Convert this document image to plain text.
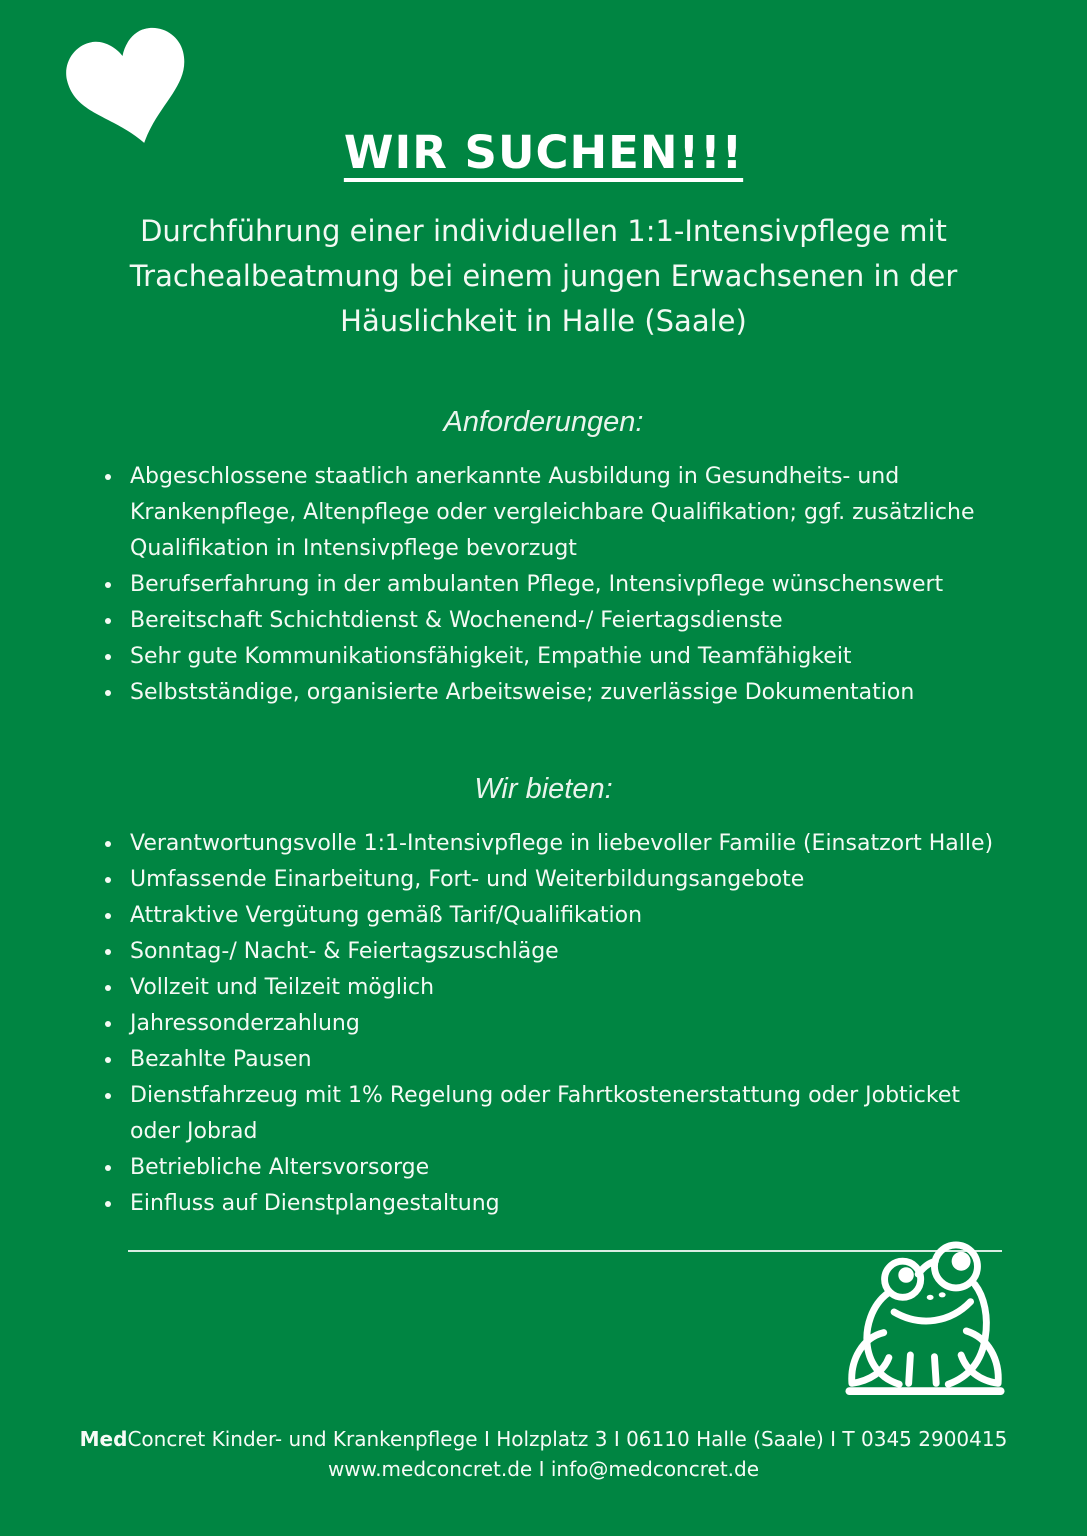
WIR SUCHEN!!!

Durchführung einer individuellen 1:1-Intensivpflege mit Trachealbeatmung bei einem jungen Erwachsenen in der Häuslichkeit in Halle (Saale)

Anforderungen:
Abgeschlossene staatlich anerkannte Ausbildung in Gesundheits- und Krankenpflege, Altenpflege oder vergleichbare Qualifikation; ggf. zusätzliche Qualifikation in Intensivpflege bevorzugt
Berufserfahrung in der ambulanten Pflege, Intensivpflege wünschenswert
Bereitschaft Schichtdienst & Wochenend-/ Feiertagsdienste
Sehr gute Kommunikationsfähigkeit, Empathie und Teamfähigkeit
Selbstständige, organisierte Arbeitsweise; zuverlässige Dokumentation
Wir bieten:
Verantwortungsvolle 1:1-Intensivpflege in liebevoller Familie (Einsatzort Halle)
Umfassende Einarbeitung, Fort- und Weiterbildungsangebote
Attraktive Vergütung gemäß Tarif/Qualifikation
Sonntag-/ Nacht- & Feiertagszuschläge
Vollzeit und Teilzeit möglich
Jahressonderzahlung
Bezahlte Pausen
Dienstfahrzeug mit 1% Regelung oder Fahrtkostenerstattung oder Jobticket oder Jobrad
Betriebliche Altersvorsorge
Einfluss auf Dienstplangestaltung

MedConcret Kinder- und Krankenpflege I Holzplatz 3 I 06110 Halle (Saale) I T 0345 2900415

www.medconcret.de I info@medconcret.de
